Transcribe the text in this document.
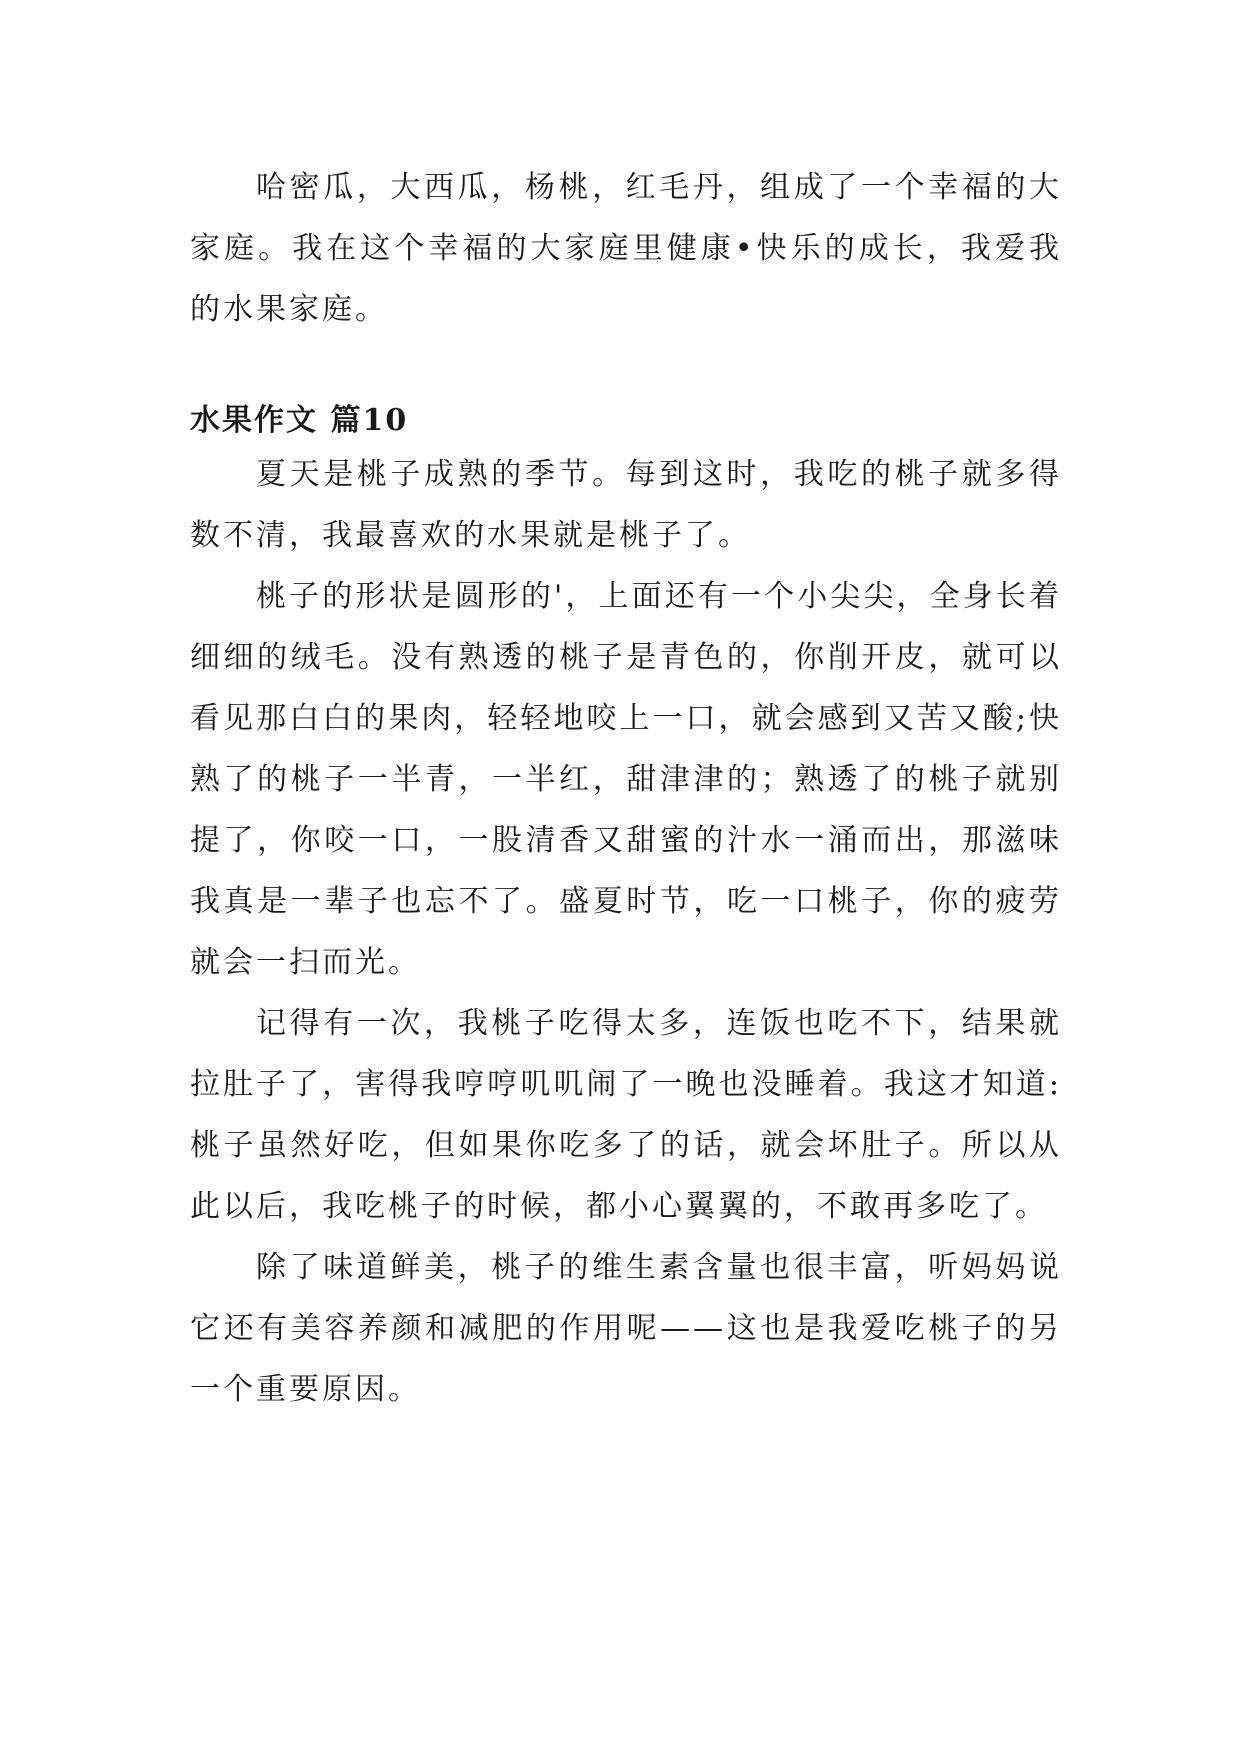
哈密瓜，大西瓜，杨桃，红毛丹，组成了一个幸福的大家庭。我在这个幸福的大家庭里健康•快乐的成长，我爱我的水果家庭。

水果作文 篇10

夏天是桃子成熟的季节。每到这时，我吃的桃子就多得数不清，我最喜欢的水果就是桃子了。

桃子的形状是圆形的'，上面还有一个小尖尖，全身长着细细的绒毛。没有熟透的桃子是青色的，你削开皮，就可以看见那白白的果肉，轻轻地咬上一口，就会感到又苦又酸;快熟了的桃子一半青，一半红，甜津津的；熟透了的桃子就别提了，你咬一口，一股清香又甜蜜的汁水一涌而出，那滋味我真是一辈子也忘不了。盛夏时节，吃一口桃子，你的疲劳就会一扫而光。

记得有一次，我桃子吃得太多，连饭也吃不下，结果就拉肚子了，害得我哼哼叽叽闹了一晚也没睡着。我这才知道:桃子虽然好吃，但如果你吃多了的话，就会坏肚子。所以从此以后，我吃桃子的时候，都小心翼翼的，不敢再多吃了。

除了味道鲜美，桃子的维生素含量也很丰富，听妈妈说它还有美容养颜和减肥的作用呢——这也是我爱吃桃子的另一个重要原因。
